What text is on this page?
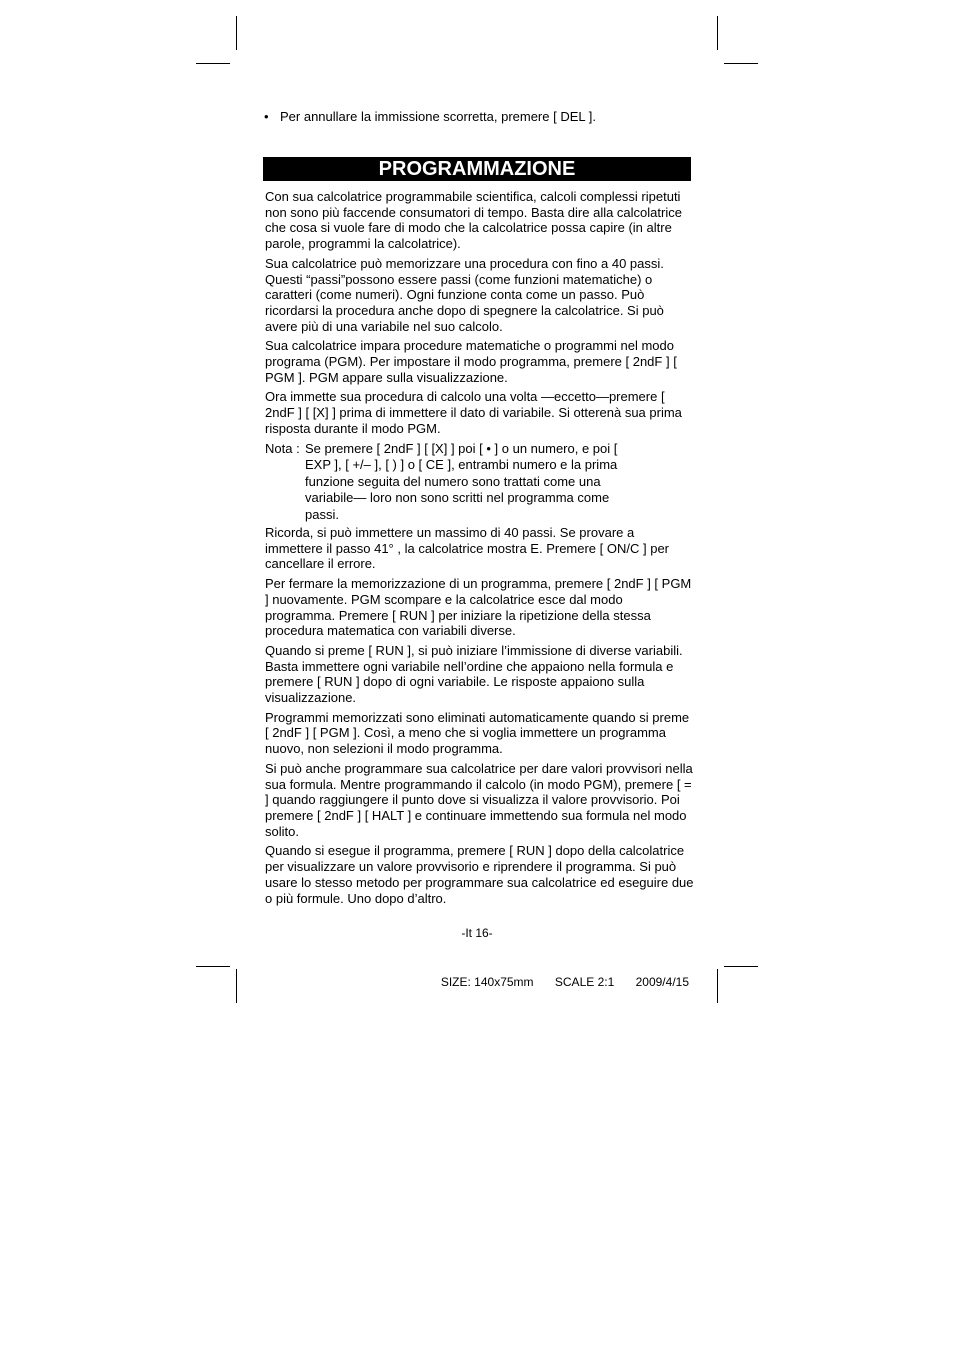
• Per annullare la immissione scorretta, premere [ DEL ].
PROGRAMMAZIONE

Con sua calcolatrice programmabile scientifica, calcoli complessi ripetuti non sono più faccende consumatori di tempo. Basta dire alla calcolatrice che cosa si vuole fare di modo che la calcolatrice possa capire (in altre parole, programmi la calcolatrice).

Sua calcolatrice può memorizzare una procedura con fino a 40 passi. Questi “passi”possono essere passi (come funzioni matematiche) o caratteri (come numeri). Ogni funzione conta come un passo. Può ricordarsi la procedura anche dopo di spegnere la calcolatrice. Si può avere più di una variabile nel suo calcolo.

Sua calcolatrice impara procedure matematiche o programmi nel modo programa (PGM). Per impostare il modo programma, premere [ 2ndF ] [ PGM ]. PGM appare sulla visualizzazione.

Ora immette sua procedura di calcolo una volta —eccetto—premere [ 2ndF ] [ [X] ] prima di immettere il dato di variabile. Si otterenà sua prima risposta durante il modo PGM.

Nota : Se premere [ 2ndF ] [ [X] ] poi [ • ] o un numero, e poi [ EXP ], [ +/– ], [ ) ] o [ CE ], entrambi numero e la prima funzione seguita del numero sono trattati come una variabile— loro non sono scritti nel programma come passi.

Ricorda, si può immettere un massimo di 40 passi. Se provare a immettere il passo 41° , la calcolatrice mostra E. Premere [ ON/C ] per cancellare il errore.

Per fermare la memorizzazione di un programma, premere [ 2ndF ] [ PGM ] nuovamente. PGM scompare e la calcolatrice esce dal modo programma. Premere [ RUN ] per iniziare la ripetizione della stessa procedura matematica con variabili diverse.

Quando si preme [ RUN ], si può iniziare l’immissione di diverse variabili. Basta immettere ogni variabile nell’ordine che appaiono nella formula e premere [ RUN ] dopo di ogni variabile. Le risposte appaiono sulla visualizzazione.

Programmi memorizzati sono eliminati automaticamente quando si preme [ 2ndF ] [ PGM ]. Così, a meno che si voglia immettere un programma nuovo, non selezioni il modo programma.

Si può anche programmare sua calcolatrice per dare valori provvisori nella sua formula. Mentre programmando il calcolo (in modo PGM), premere [ = ] quando raggiungere il punto dove si visualizza il valore provvisorio. Poi premere [ 2ndF ] [ HALT ] e continuare immettendo sua formula nel modo solito.

Quando si esegue il programma, premere [ RUN ] dopo della calcolatrice per visualizzare un valore provvisorio e riprendere il programma. Si può usare lo stesso metodo per programmare sua calcolatrice ed eseguire due o più formule. Uno dopo d’altro.

-It 16-
SIZE: 140x75mm SCALE 2:1 2009/4/15
